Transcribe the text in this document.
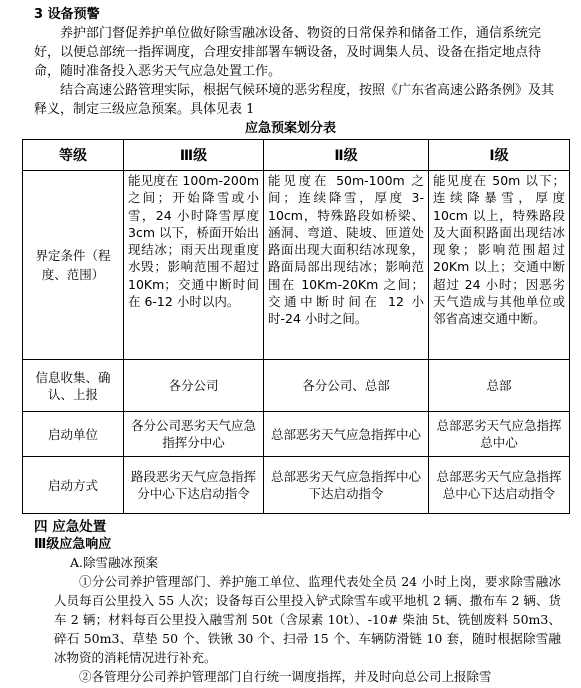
3 设备预警

养护部门督促养护单位做好除雪融冰设备、物资的日常保养和储备工作，通信系统完好，以便总部统一指挥调度，合理安排部署车辆设备，及时调集人员、设备在指定地点待命，随时准备投入恶劣天气应急处置工作。

结合高速公路管理实际，根据气候环境的恶劣程度，按照《广东省高速公路条例》及其释义，制定三级应急预案。具体见表 1

应急预案划分表
等级	Ⅲ级	Ⅱ级	Ⅰ级
界定条件（程度、范围）	能见度在 100m-200m 之间；开始降雪或小雪，24 小时降雪厚度 3cm 以下，桥面开始出现结冰；雨天出现重度水毁；影响范围不超过 10Km；交通中断时间在 6-12 小时以内。	能见度在 50m-100m 之间；连续降雪，厚度 3-10cm，特殊路段如桥梁、涵洞、弯道、陡坡、匝道处路面出现大面积结冰现象，路面局部出现结冰；影响范围在 10Km-20Km 之间；交通中断时间在 12 小时-24 小时之间。	能见度在 50m 以下；连续降暴雪，厚度 10cm 以上，特殊路段及大面积路面出现结冰现象；影响范围超过 20Km 以上；交通中断超过 24 小时；因恶劣天气造成与其他单位或邻省高速交通中断。
信息收集、确认、上报	各分公司	各分公司、总部	总部
启动单位	各分公司恶劣天气应急指挥分中心	总部恶劣天气应急指挥中心	总部恶劣天气应急指挥总中心
启动方式	路段恶劣天气应急指挥分中心下达启动指令	总部恶劣天气应急指挥中心下达启动指令	总部恶劣天气应急指挥总中心下达启动指令
四 应急处置
Ⅲ级应急响应
A.除雪融冰预案

①分公司养护管理部门、养护施工单位、监理代表处全员 24 小时上岗，要求除雪融冰人员每百公里投入 55 人次；设备每百公里投入铲式除雪车或平地机 2 辆、撒布车 2 辆、货车 2 辆；材料每百公里投入融雪剂 50t（含尿素 10t）、-10# 柴油 5t、铣刨废料 50m3、碎石 50m3、草垫 50 个、铁锹 30 个、扫帚 15 个、车辆防滑链 10 套，随时根据除雪融冰物资的消耗情况进行补充。

②各管理分公司养护管理部门自行统一调度指挥，并及时向总公司上报除雪
